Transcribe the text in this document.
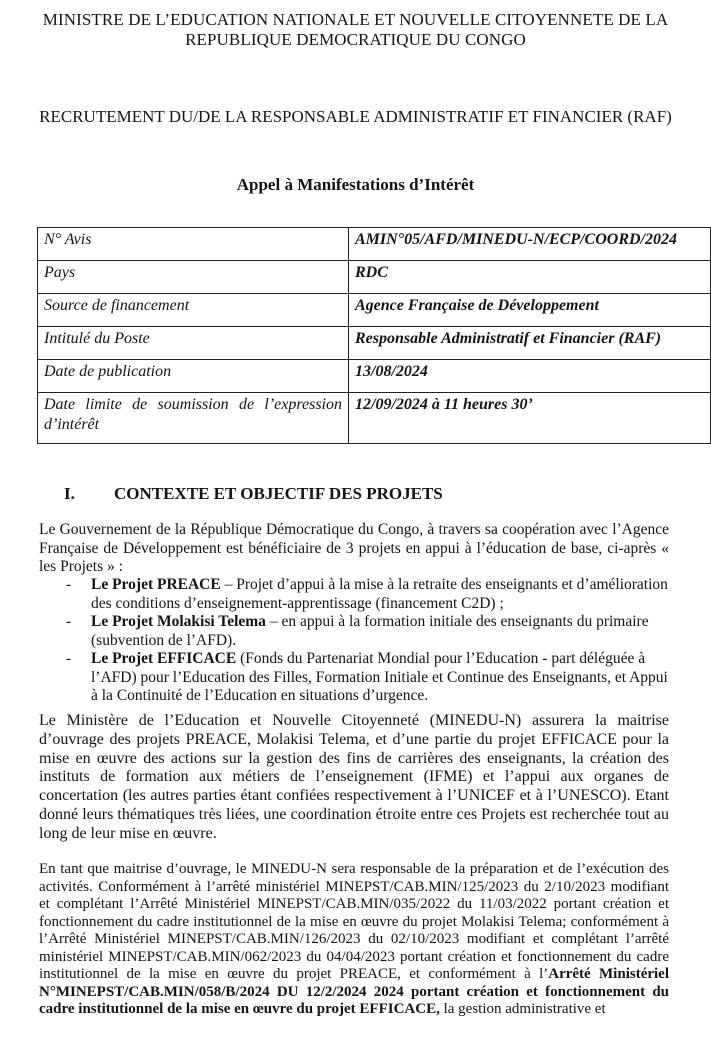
MINISTRE DE L’EDUCATION NATIONALE ET NOUVELLE CITOYENNETE DE LA REPUBLIQUE DEMOCRATIQUE DU CONGO
RECRUTEMENT DU/DE LA RESPONSABLE ADMINISTRATIF ET FINANCIER (RAF)
Appel à Manifestations d’Intérêt
N° Avis	AMIN°05/AFD/MINEDU-N/ECP/COORD/2024
Pays	RDC
Source de financement	Agence Française de Développement
Intitulé du Poste	Responsable Administratif et Financier (RAF)
Date de publication	13/08/2024
Date limite de soumission de l’expression d’intérêt	12/09/2024 à 11 heures 30’
I. CONTEXTE ET OBJECTIF DES PROJETS
Le Gouvernement de la République Démocratique du Congo, à travers sa coopération avec l’Agence Française de Développement est bénéficiaire de 3 projets en appui à l’éducation de base, ci-après « les Projets » :
- Le Projet PREACE – Projet d’appui à la mise à la retraite des enseignants et d’amélioration des conditions d’enseignement-apprentissage (financement C2D) ;
- Le Projet Molakisi Telema – en appui à la formation initiale des enseignants du primaire (subvention de l’AFD).
- Le Projet EFFICACE (Fonds du Partenariat Mondial pour l’Education - part déléguée à l’AFD) pour l’Education des Filles, Formation Initiale et Continue des Enseignants, et Appui à la Continuité de l’Education en situations d’urgence.
Le Ministère de l’Education et Nouvelle Citoyenneté (MINEDU-N) assurera la maitrise d’ouvrage des projets PREACE, Molakisi Telema, et d’une partie du projet EFFICACE pour la mise en œuvre des actions sur la gestion des fins de carrières des enseignants, la création des instituts de formation aux métiers de l’enseignement (IFME) et l’appui aux organes de concertation (les autres parties étant confiées respectivement à l’UNICEF et à l’UNESCO). Etant donné leurs thématiques très liées, une coordination étroite entre ces Projets est recherchée tout au long de leur mise en œuvre.
En tant que maitrise d’ouvrage, le MINEDU-N sera responsable de la préparation et de l’exécution des activités. Conformément à l’arrêté ministériel MINEPST/CAB.MIN/125/2023 du 2/10/2023 modifiant et complétant l’Arrêté Ministériel MINEPST/CAB.MIN/035/2022 du 11/03/2022 portant création et fonctionnement du cadre institutionnel de la mise en œuvre du projet Molakisi Telema; conformément à l’Arrêté Ministériel MINEPST/CAB.MIN/126/2023 du 02/10/2023 modifiant et complétant l’arrêté ministériel MINEPST/CAB.MIN/062/2023 du 04/04/2023 portant création et fonctionnement du cadre institutionnel de la mise en œuvre du projet PREACE, et conformément à l’Arrêté Ministériel N°MINEPST/CAB.MIN/058/B/2024 DU 12/2/2024 2024 portant création et fonctionnement du cadre institutionnel de la mise en œuvre du projet EFFICACE, la gestion administrative et
